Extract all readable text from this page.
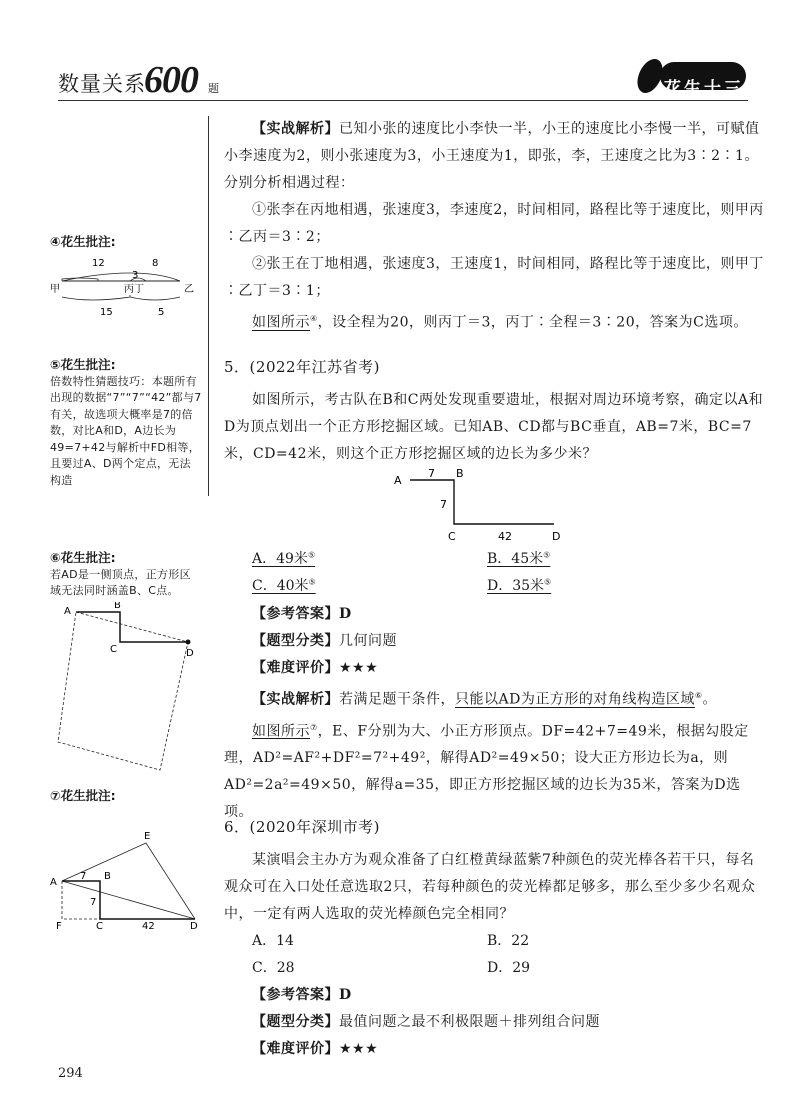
数量关系
600 题	花生十三
④花生批注:
12	8
3
甲	丙丁	乙
15	5
⑤花生批注:
倍数特性猜题技巧：本题所有出现的数据“7”“7”“42”都与7有关，故选项大概率是7的倍数，对比A和D，A边长为49=7+42与解析中FD相等，且要过A、D两个定点，无法构造
⑥花生批注:
若AD是一侧顶点，正方形区域无法同时涵盖B、C点。
A
B
C	D
⑦花生批注:
E
A
7 B
7
F	C	42	D
【实战解析】已知小张的速度比小李快一半，小王的速度比小李慢一半，可赋值小李速度为2，则小张速度为3，小王速度为1，即张，李，王速度之比为3∶2∶1。分别分析相遇过程：
①张李在丙地相遇，张速度3，李速度2，时间相同，路程比等于速度比，则甲丙∶乙丙＝3∶2；
②张王在丁地相遇，张速度3，王速度1，时间相同，路程比等于速度比，则甲丁∶乙丁＝3∶1；
如图所示④，设全程为20，则丙丁＝3，丙丁∶全程＝3∶20，答案为C选项。
5．(2022年江苏省考)
如图所示，考古队在B和C两处发现重要遗址，根据对周边环境考察，确定以A和D为顶点划出一个正方形挖掘区域。已知AB、CD都与BC垂直，AB=7米，BC=7米，CD=42米，则这个正方形挖掘区域的边长为多少米？
A
7 B
7
C	42	D
A．49米⑤	B．45米⑤
C．40米⑤	D．35米⑤
【参考答案】D
【题型分类】几何问题
【难度评价】★★★
【实战解析】若满足题干条件，只能以AD为正方形的对角线构造区域⑥。
如图所示⑦，E、F分别为大、小正方形顶点。DF=42+7=49米，根据勾股定理，AD²=AF²+DF²=7²+49²，解得AD²=49×50；设大正方形边长为a，则AD²=2a²=49×50，解得a=35，即正方形挖掘区域的边长为35米，答案为D选项。
6．(2020年深圳市考)
某演唱会主办方为观众准备了白红橙黄绿蓝紫7种颜色的荧光棒各若干只，每名观众可在入口处任意选取2只，若每种颜色的荧光棒都足够多，那么至少多少名观众中，一定有两人选取的荧光棒颜色完全相同？
A．14	B．22
C．28	D．29
【参考答案】D
【题型分类】最值问题之最不利极限题＋排列组合问题
【难度评价】★★★
294
